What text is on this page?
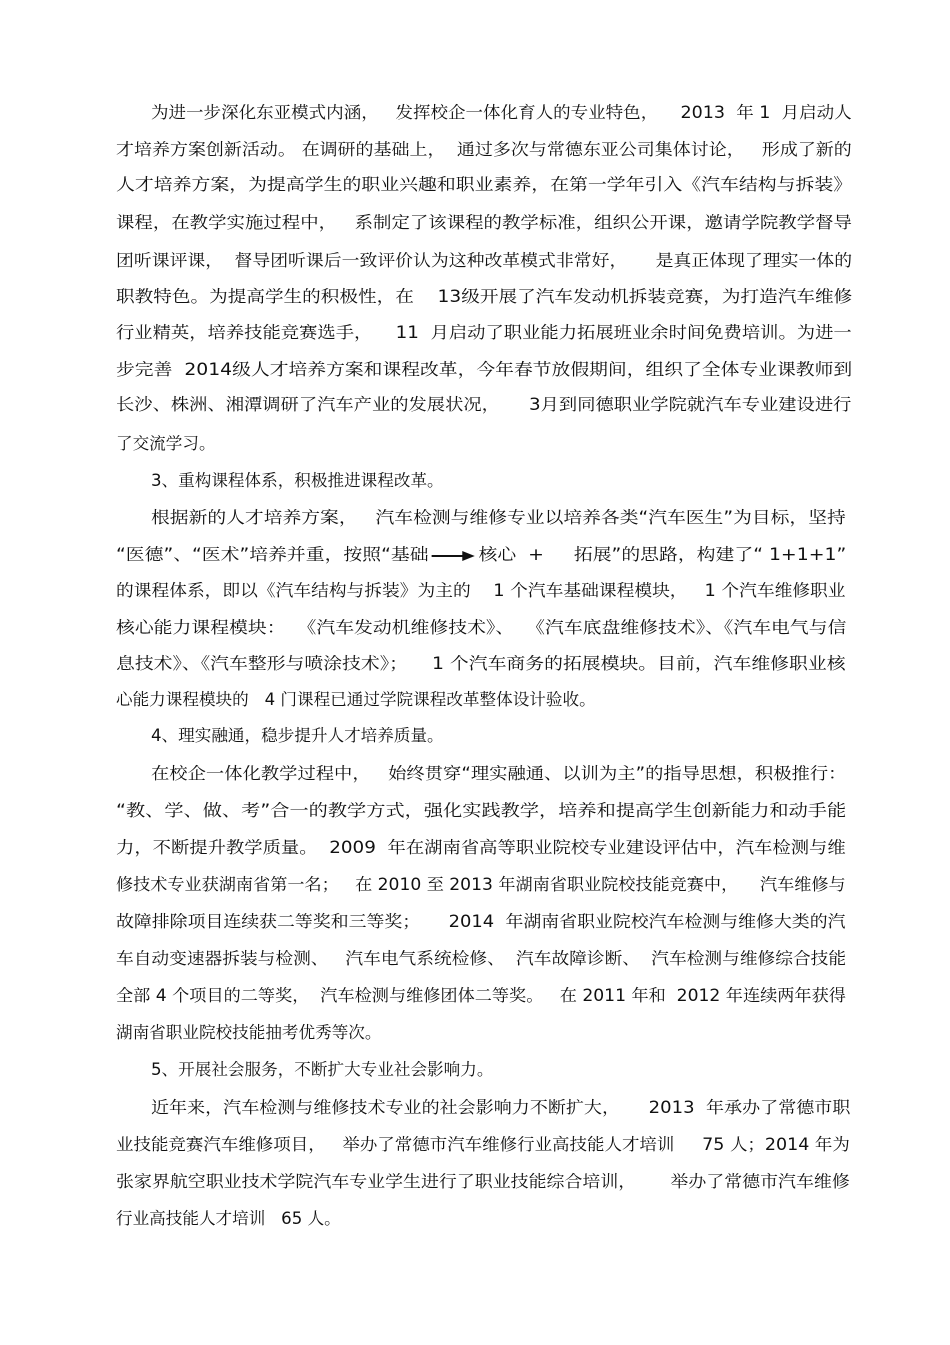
为进一步深化东亚模式内涵，   发挥校企一体化育人的专业特色，    2013  年 1  月启动人
才培养方案创新活动。 在调研的基础上，  通过多次与常德东亚公司集体讨论，   形成了新的
人才培养方案，为提高学生的职业兴趣和职业素养，在第一学年引入《汽车结构与拆装》
课程，在教学实施过程中，   系制定了该课程的教学标准，组织公开课，邀请学院教学督导
团听课评课，  督导团听课后一致评价认为这种改革模式非常好，     是真正体现了理实一体的
职教特色。为提高学生的积极性，在    13级开展了汽车发动机拆装竞赛，为打造汽车维修
行业精英，培养技能竞赛选手，    11  月启动了职业能力拓展班业余时间免费培训。为进一
步完善  2014级人才培养方案和课程改革，今年春节放假期间，组织了全体专业课教师到
长沙、株洲、湘潭调研了汽车产业的发展状况，     3月到同德职业学院就汽车专业建设进行
了交流学习。
3、重构课程体系，积极推进课程改革。
根据新的人才培养方案，   汽车检测与维修专业以培养各类“汽车医生”为目标，坚持
“医德”、“医术”培养并重，按照“基础	核心  +     拓展”的思路，构建了“ 1+1+1”
的课程体系，即以《汽车结构与拆装》为主的    1 个汽车基础课程模块，   1 个汽车维修职业
核心能力课程模块：  《汽车发动机维修技术》、  《汽车底盘维修技术》、《汽车电气与信
息技术》、《汽车整形与喷涂技术》；    1 个汽车商务的拓展模块。目前，汽车维修职业核
心能力课程模块的   4 门课程已通过学院课程改革整体设计验收。
4、理实融通，稳步提升人才培养质量。
在校企一体化教学过程中，   始终贯穿“理实融通、以训为主”的指导思想，积极推行：
“教、学、做、考”合一的教学方式，强化实践教学，培养和提高学生创新能力和动手能
力，不断提升教学质量。  2009  年在湖南省高等职业院校专业建设评估中，汽车检测与维
修技术专业获湖南省第一名；   在 2010 至 2013 年湖南省职业院校技能竞赛中，    汽车维修与
故障排除项目连续获二等奖和三等奖；     2014  年湖南省职业院校汽车检测与维修大类的汽
车自动变速器拆装与检测、   汽车电气系统检修、  汽车故障诊断、  汽车检测与维修综合技能
全部 4 个项目的二等奖，  汽车检测与维修团体二等奖。   在 2011 年和  2012 年连续两年获得
湖南省职业院校技能抽考优秀等次。
5、开展社会服务，不断扩大专业社会影响力。
近年来，汽车检测与维修技术专业的社会影响力不断扩大，     2013  年承办了常德市职
业技能竞赛汽车维修项目，   举办了常德市汽车维修行业高技能人才培训     75 人；2014 年为
张家界航空职业技术学院汽车专业学生进行了职业技能综合培训，      举办了常德市汽车维修
行业高技能人才培训   65 人。
